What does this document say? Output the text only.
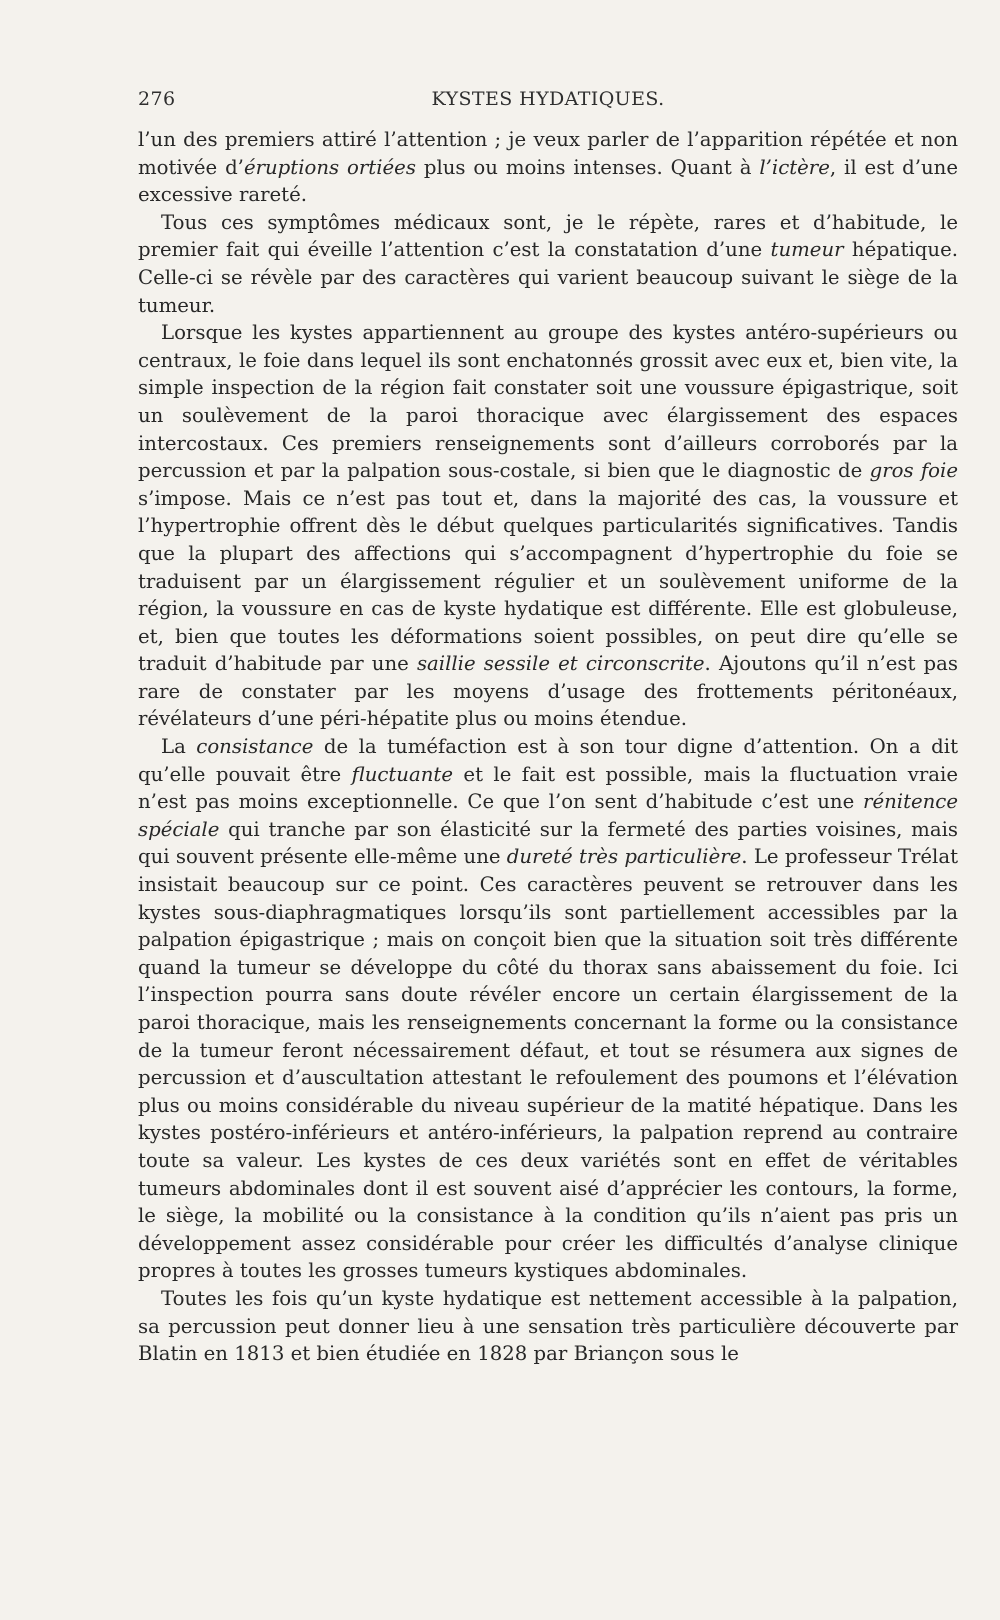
276	KYSTES HYDATIQUES.

l’un des premiers attiré l’attention ; je veux parler de l’apparition répétée et non motivée d’éruptions ortiées plus ou moins intenses. Quant à l’ictère, il est d’une excessive rareté.

Tous ces symptômes médicaux sont, je le répète, rares et d’habitude, le premier fait qui éveille l’attention c’est la constatation d’une tumeur hépatique. Celle-ci se révèle par des caractères qui varient beaucoup suivant le siège de la tumeur.

Lorsque les kystes appartiennent au groupe des kystes antéro-supérieurs ou centraux, le foie dans lequel ils sont enchatonnés grossit avec eux et, bien vite, la simple inspection de la région fait constater soit une voussure épigastrique, soit un soulèvement de la paroi thoracique avec élargissement des espaces intercostaux. Ces premiers renseignements sont d’ailleurs corroborés par la percussion et par la palpation sous-costale, si bien que le diagnostic de gros foie s’impose. Mais ce n’est pas tout et, dans la majorité des cas, la voussure et l’hypertrophie offrent dès le début quelques particularités significatives. Tandis que la plupart des affections qui s’accompagnent d’hypertrophie du foie se traduisent par un élargissement régulier et un soulèvement uniforme de la région, la voussure en cas de kyste hydatique est différente. Elle est globuleuse, et, bien que toutes les déformations soient possibles, on peut dire qu’elle se traduit d’habitude par une saillie sessile et circonscrite. Ajoutons qu’il n’est pas rare de constater par les moyens d’usage des frottements péritonéaux, révélateurs d’une péri-hépatite plus ou moins étendue.

La consistance de la tuméfaction est à son tour digne d’attention. On a dit qu’elle pouvait être fluctuante et le fait est possible, mais la fluctuation vraie n’est pas moins exceptionnelle. Ce que l’on sent d’habitude c’est une rénitence spéciale qui tranche par son élasticité sur la fermeté des parties voisines, mais qui souvent présente elle-même une dureté très particulière. Le professeur Trélat insistait beaucoup sur ce point. Ces caractères peuvent se retrouver dans les kystes sous-diaphragmatiques lorsqu’ils sont partiellement accessibles par la palpation épigastrique ; mais on conçoit bien que la situation soit très différente quand la tumeur se développe du côté du thorax sans abaissement du foie. Ici l’inspection pourra sans doute révéler encore un certain élargissement de la paroi thoracique, mais les renseignements concernant la forme ou la consistance de la tumeur feront nécessairement défaut, et tout se résumera aux signes de percussion et d’auscultation attestant le refoulement des poumons et l’élévation plus ou moins considérable du niveau supérieur de la matité hépatique. Dans les kystes postéro-inférieurs et antéro-inférieurs, la palpation reprend au contraire toute sa valeur. Les kystes de ces deux variétés sont en effet de véritables tumeurs abdominales dont il est souvent aisé d’apprécier les contours, la forme, le siège, la mobilité ou la consistance à la condition qu’ils n’aient pas pris un développement assez considérable pour créer les difficultés d’analyse clinique propres à toutes les grosses tumeurs kystiques abdominales.

Toutes les fois qu’un kyste hydatique est nettement accessible à la palpation, sa percussion peut donner lieu à une sensation très particulière découverte par Blatin en 1813 et bien étudiée en 1828 par Briançon sous le
